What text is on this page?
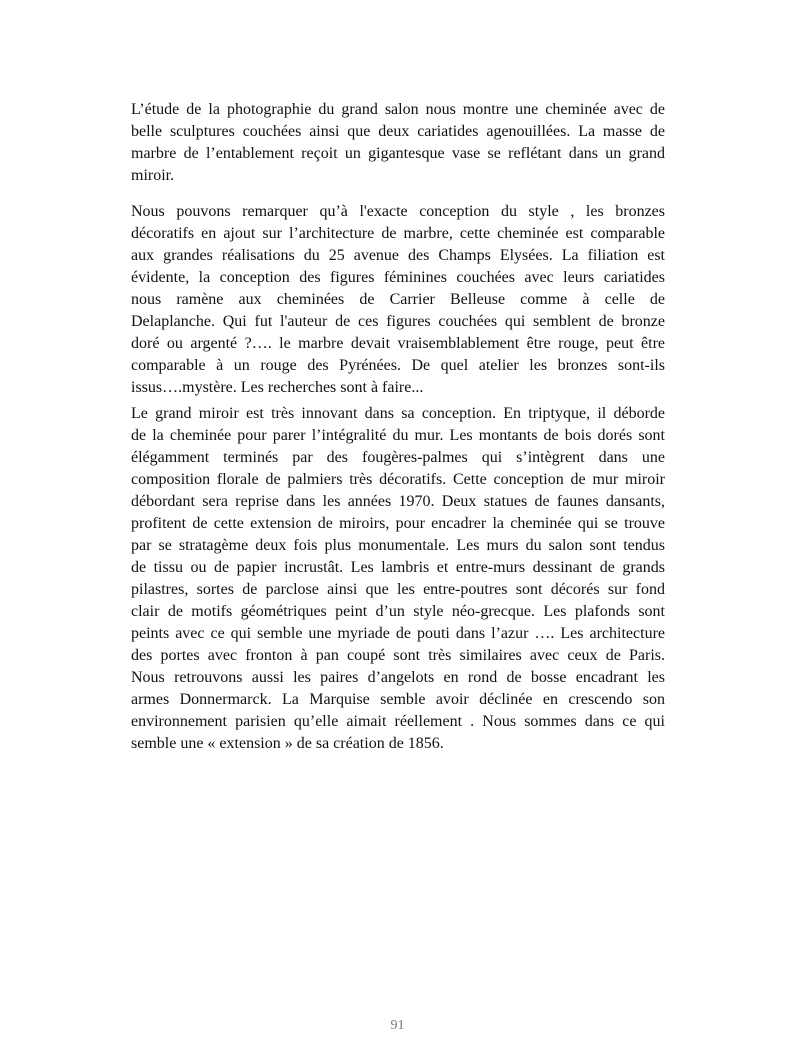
L’étude de la photographie du grand salon nous montre une cheminée avec de
belle sculptures couchées ainsi que deux cariatides agenouillées. La masse de
marbre de l’entablement reçoit un gigantesque vase se reflétant dans un grand
miroir.
Nous pouvons remarquer qu’à l'exacte conception du style , les bronzes
décoratifs en ajout sur l’architecture de marbre, cette cheminée est comparable
aux grandes réalisations du 25 avenue des Champs Elysées. La filiation est
évidente, la conception des figures féminines couchées avec leurs cariatides
nous ramène aux cheminées de Carrier Belleuse comme à celle de
Delaplanche. Qui fut l'auteur de ces figures couchées qui semblent de bronze
doré ou argenté ?…. le marbre devait vraisemblablement être rouge, peut être
comparable à un rouge des Pyrénées. De quel atelier les bronzes sont-ils
issus….mystère. Les recherches sont à faire...
Le grand miroir est très innovant dans sa conception. En triptyque, il déborde
de la cheminée pour parer l’intégralité du mur. Les montants de bois dorés sont
élégamment terminés par des fougères-palmes qui s’intègrent dans une
composition florale de palmiers très décoratifs. Cette conception de mur miroir
débordant sera reprise dans les années 1970. Deux statues de faunes dansants,
profitent de cette extension de miroirs, pour encadrer la cheminée qui se trouve
par se stratagème deux fois plus monumentale. Les murs du salon sont tendus
de tissu ou de papier incrustât. Les lambris et entre-murs dessinant de grands
pilastres, sortes de parclose ainsi que les entre-poutres sont décorés sur fond
clair de motifs géométriques peint d’un style néo-grecque. Les plafonds sont
peints avec ce qui semble une myriade de pouti dans l’azur …. Les architecture
des portes avec fronton à pan coupé sont très similaires avec ceux de Paris.
Nous retrouvons aussi les paires d’angelots en rond de bosse encadrant les
armes Donnermarck. La Marquise semble avoir déclinée en crescendo son
environnement parisien qu’elle aimait réellement . Nous sommes dans ce qui
semble une « extension » de sa création de 1856.
91
